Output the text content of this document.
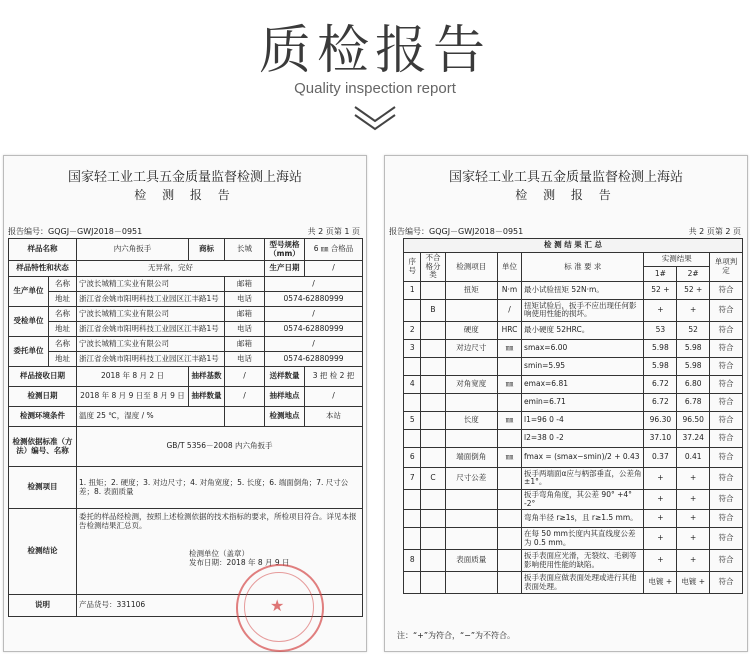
质检报告
Quality inspection report
国家轻工业工具五金质量监督检测上海站
检 测 报 告
报告编号：GQGJ－GWJ2018－0951	共 2 页第 1 页
样品名称		内六角扳手	商标	长城	型号规格（mm）	6 ㎜ 合格品
样品特性和状态		无异常，完好			生产日期	/
生产单位	名称	宁波长城精工实业有限公司		邮箱	/	
	地址	浙江省余姚市阳明科技工业园区江丰路1号		电话	0574-62880999	
受检单位	名称	宁波长城精工实业有限公司		邮箱	/	
	地址	浙江省余姚市阳明科技工业园区江丰路1号		电话	0574-62880999	
委托单位	名称	宁波长城精工实业有限公司		邮箱	/	
	地址	浙江省余姚市阳明科技工业园区江丰路1号		电话	0574-62880999	
样品接收日期		2018 年 8 月 2 日	抽样基数	/	送样数量	3 把 检 2 把
检测日期		2018 年 8 月 9 日至 8 月 9 日	抽样数量	/	抽样地点	/
检测环境条件		温度 25 ℃，湿度 / %			检测地点	本站
检测依据标准（方法）编号、名称		GB/T 5356－2008 内六角扳手				
检测项目		1. 扭矩；2. 硬度；3. 对边尺寸；4. 对角宽度；5. 长度；6. 端面倒角；7. 尺寸公差；8. 表面质量				
检测结论		委托的样品经检测，按照上述检测依据的技术指标的要求，所检项目符合。详见本报告检测结果汇总页。
检测单位（盖章）
发布日期：2018 年 8 月 9 日				

说明		产品货号：331106					★
国家轻工业工具五金质量监督检测上海站
检 测 报 告
报告编号：GQGJ－GWJ2018－0951	共 2 页第 2 页
检 测 结 果 汇 总							
序号	不合格分类	检测项目	单位	标 准 要 求	实测结果		单项判定
					1#	2#	
1		扭矩	N·m	最小试验扭矩 52N·m。	52 +	52 +	符合
	B		/	扭矩试验后，扳手不应出现任何影响使用性能的损坏。	+	+	符合
2		硬度	HRC	最小硬度 52HRC。	53	52	符合
3		对边尺寸	㎜	smax=6.00	5.98	5.98	符合
				smin=5.95	5.98	5.98	符合
4		对角宽度	㎜	emax=6.81	6.72	6.80	符合
				emin=6.71	6.72	6.78	符合
5		长度	㎜	l1=96 0 -4	96.30	96.50	符合
				l2=38 0 -2	37.10	37.24	符合
6		端面倒角	㎜	fmax = (smax−smin)/2 + 0.43	0.37	0.41	符合
7	C	尺寸公差		扳手两端面α应与柄部垂直，公差角±1°。	+	+	符合
				扳手弯角角度，其公差 90° +4° -2°	+	+	符合
				弯角半径 r≥1s，且 r≥1.5 mm。	+	+	符合
				在每 50 mm长度内其直线度公差为 0.5 mm。	+	+	符合
8		表面质量		扳手表面应光滑，无裂纹、毛刺等影响使用性能的缺陷。	+	+	符合
				扳手表面应做表面处理或进行其他表面处理。	电镀 +	电镀 +	符合
注：“+”为符合，“−”为不符合。
